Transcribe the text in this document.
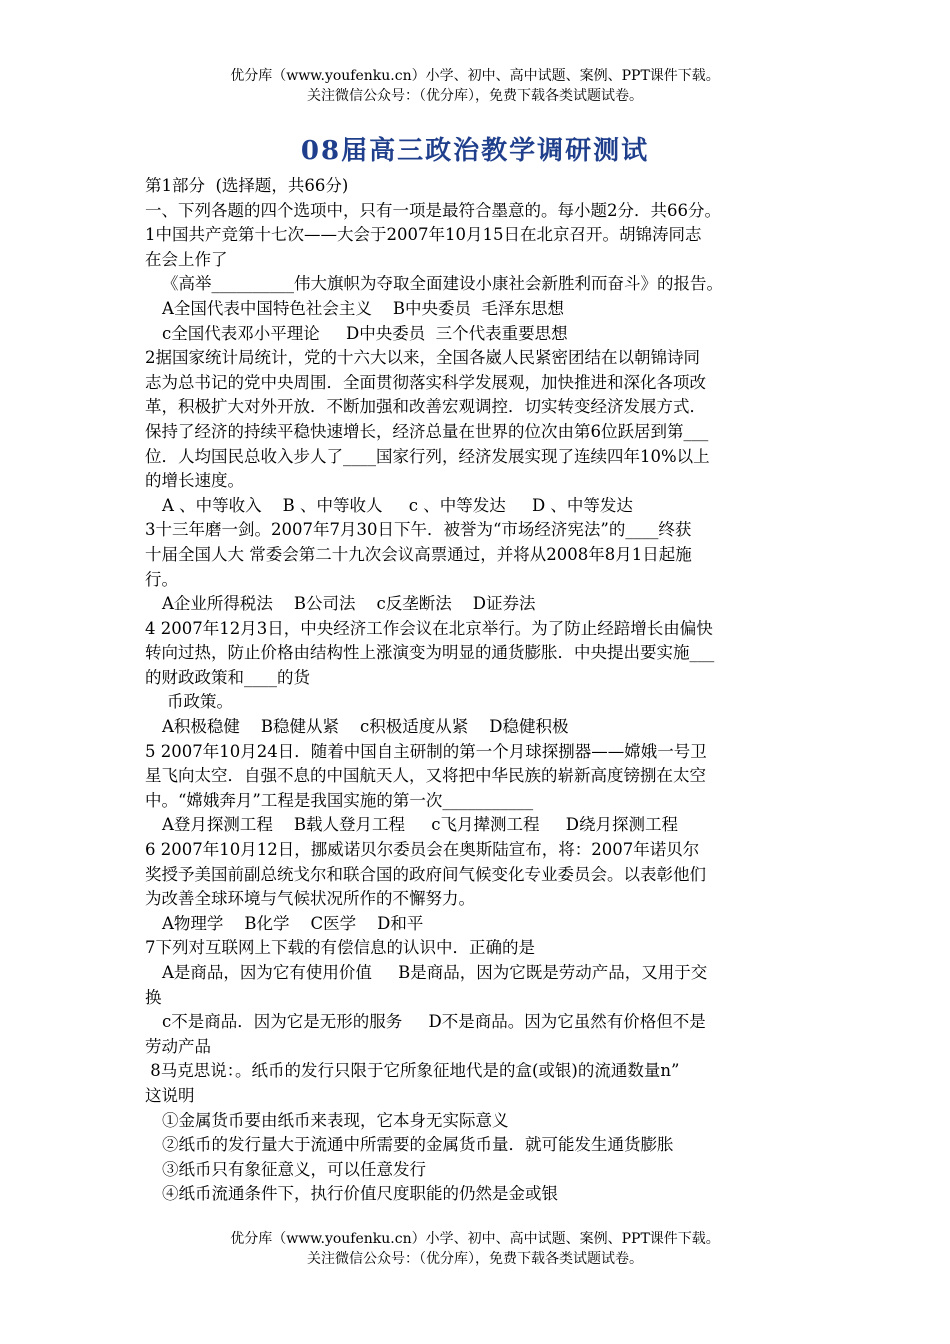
优分库（www.youfenku.cn）小学、初中、高中试题、案例、PPT课件下载。
关注微信公众号：（优分库），免费下载各类试题试卷。
08届高三政治教学调研测试
第1部分  (选择题，共66分)
一、下列各题的四个选项中，只有一项是最符合墨意的。每小题2分．共66分。
1中国共产竞第十七次——大会于2007年10月15日在北京召开。胡锦涛同志
在会上作了
《高举__________伟大旗帜为夺取全面建设小康社会新胜利而奋斗》的报告。
A全国代表中国特色社会主义    B中央委员  毛泽东思想
c全国代表邓小平理论     D中央委员  三个代表重要思想
2据国家统计局统计，党的十六大以来，全国各崴人民紧密团结在以朝锦诗同
志为总书记的党中央周围．全面贯彻落实科学发展观，加快推进和深化各项改
革，积极扩大对外开放．不断加强和改善宏观调控．切实转变经济发展方式．
保持了经济的持续平稳快速增长，经济总量在世界的位次由第6位跃居到第___
位．人均国民总收入步人了____国家行列，经济发展实现了连续四年10%以上
的增长速度。
A 、中等收入    B 、中等收人     c 、中等发达     D 、中等发达
3十三年磨一剑。2007年7月30日下午．被誉为“市场经济宪法”的____终获
十届全国人大 常委会第二十九次会议高票通过，并将从2008年8月1日起施
行。
A企业所得税法    B公司法    c反垄断法    D证券法
4 2007年12月3日，中央经济工作会议在北京举行。为了防止经踣增长由偏快
转向过热，防止价格由结构性上涨演变为明显的通货膨胀．中央提出要实施___
的财政政策和____的货
币政策。
A积极稳健    B稳健从紧    c积极适度从紧    D稳健积极
5 2007年10月24日．随着中国自主研制的第一个月球探捌器——嫦娥一号卫
星飞向太空．自强不息的中国航天人，又将把中华民族的崭新高度镑捌在太空
中。“嫦娥奔月”工程是我国实施的第一次___________
A登月探测工程    B载人登月工程     c飞月撵测工程     D绕月探测工程
6 2007年10月12日，挪威诺贝尔委员会在奥斯陆宣布，将：2007年诺贝尔
奖授予美国前副总统戈尔和联合国的政府间气候变化专业委员会。以表彰他们
为改善全球环境与气候状况所作的不懈努力。
A物理学    B化学    C医学    D和平
7下列对互联网上下载的有偿信息的认识中．正确的是
A是商品，因为它有使用价值     B是商品，因为它既是劳动产品，又用于交
换
c不是商品．因为它是无形的服务     D不是商品。因为它虽然有价格但不是
劳动产品
8马克思说：。纸币的发行只限于它所象征地代是的盒(或银)的流通数量n”
这说明
①金属货币要由纸币来表现，它本身无实际意义
②纸币的发行量大于流通中所需要的金属货币量．就可能发生通货膨胀
③纸币只有象征意义，可以任意发行
④纸币流通条件下，执行价值尺度职能的仍然是金或银
优分库（www.youfenku.cn）小学、初中、高中试题、案例、PPT课件下载。
关注微信公众号：（优分库），免费下载各类试题试卷。
